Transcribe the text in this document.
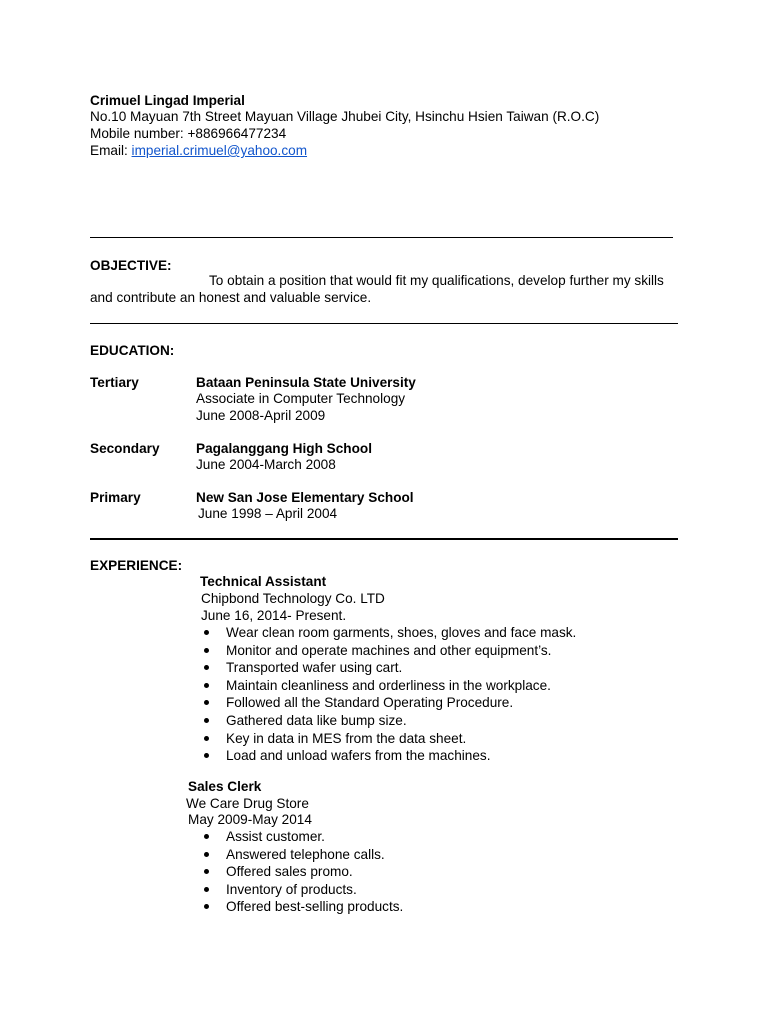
Crimuel Lingad Imperial
No.10 Mayuan 7th Street Mayuan Village Jhubei City, Hsinchu Hsien Taiwan (R.O.C)
Mobile number: +886966477234
Email: imperial.crimuel@yahoo.com
OBJECTIVE:
To obtain a position that would fit my qualifications, develop further my skills
and contribute an honest and valuable service.
EDUCATION:
Tertiary	Bataan Peninsula State University
Associate in Computer Technology
June 2008-April 2009
Secondary	Pagalanggang High School
June 2004-March 2008
Primary	New San Jose Elementary School
June 1998 – April 2004
EXPERIENCE:
Technical Assistant
Chipbond Technology Co. LTD
June 16, 2014- Present.
Wear clean room garments, shoes, gloves and face mask.
Monitor and operate machines and other equipment’s.
Transported wafer using cart.
Maintain cleanliness and orderliness in the workplace.
Followed all the Standard Operating Procedure.
Gathered data like bump size.
Key in data in MES from the data sheet.
Load and unload wafers from the machines.
Sales Clerk
We Care Drug Store
May 2009-May 2014
Assist customer.
Answered telephone calls.
Offered sales promo.
Inventory of products.
Offered best-selling products.
